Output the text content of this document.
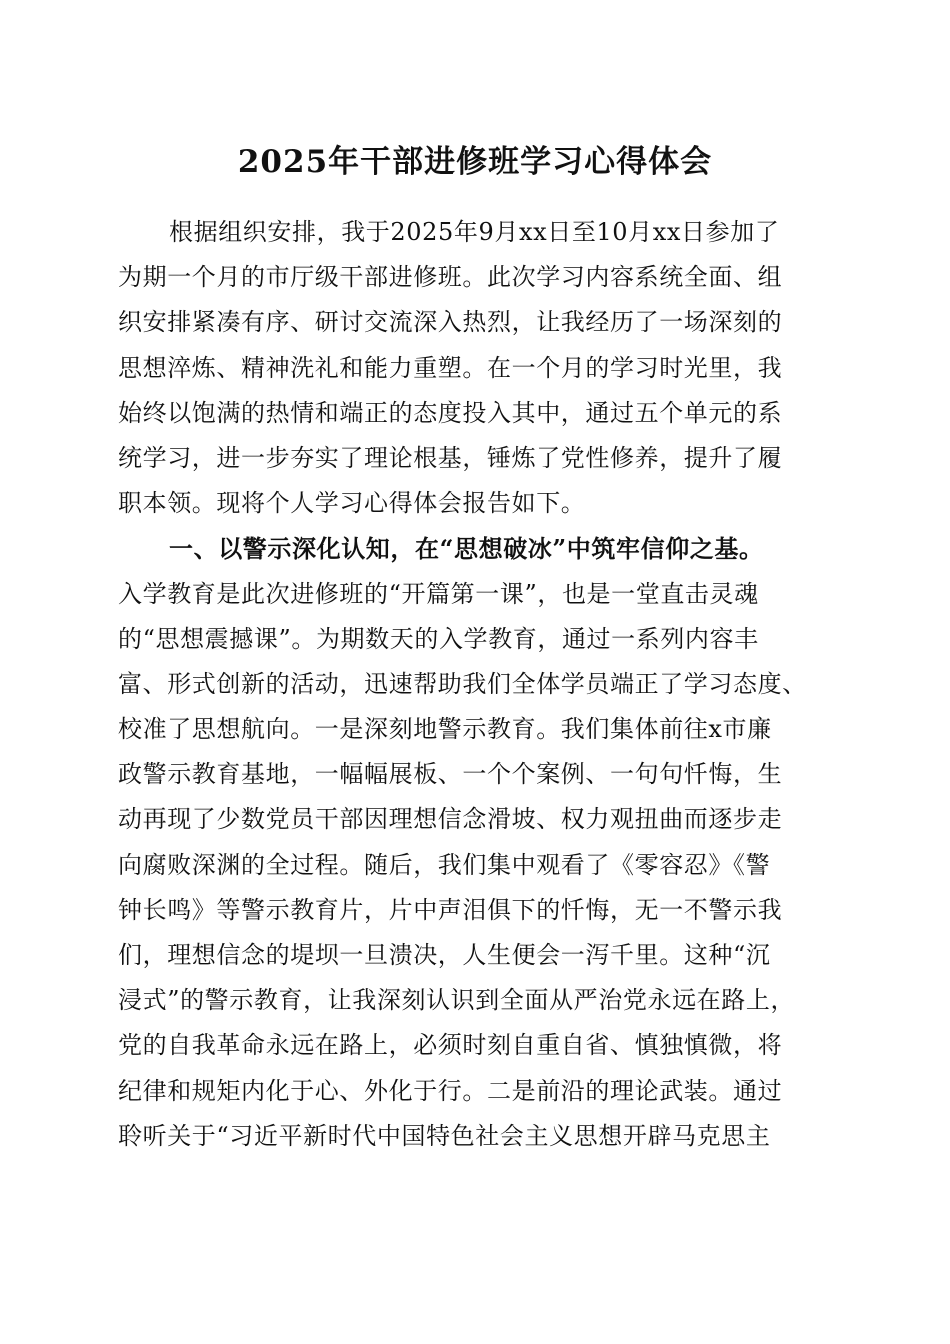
2025年干部进修班学习心得体会
根据组织安排，我于2025年9月xx日至10月xx日参加了
为期一个月的市厅级干部进修班。此次学习内容系统全面、组
织安排紧凑有序、研讨交流深入热烈，让我经历了一场深刻的
思想淬炼、精神洗礼和能力重塑。在一个月的学习时光里，我
始终以饱满的热情和端正的态度投入其中，通过五个单元的系
统学习，进一步夯实了理论根基，锤炼了党性修养，提升了履
职本领。现将个人学习心得体会报告如下。
一、以警示深化认知，在“思想破冰”中筑牢信仰之基。
入学教育是此次进修班的“开篇第一课”，也是一堂直击灵魂
的“思想震撼课”。为期数天的入学教育，通过一系列内容丰
富、形式创新的活动，迅速帮助我们全体学员端正了学习态度、
校准了思想航向。一是深刻地警示教育。我们集体前往x市廉
政警示教育基地，一幅幅展板、一个个案例、一句句忏悔，生
动再现了少数党员干部因理想信念滑坡、权力观扭曲而逐步走
向腐败深渊的全过程。随后，我们集中观看了《零容忍》《警
钟长鸣》等警示教育片，片中声泪俱下的忏悔，无一不警示我
们，理想信念的堤坝一旦溃决，人生便会一泻千里。这种“沉
浸式”的警示教育，让我深刻认识到全面从严治党永远在路上，
党的自我革命永远在路上，必须时刻自重自省、慎独慎微，将
纪律和规矩内化于心、外化于行。二是前沿的理论武装。通过
聆听关于“习近平新时代中国特色社会主义思想开辟马克思主
